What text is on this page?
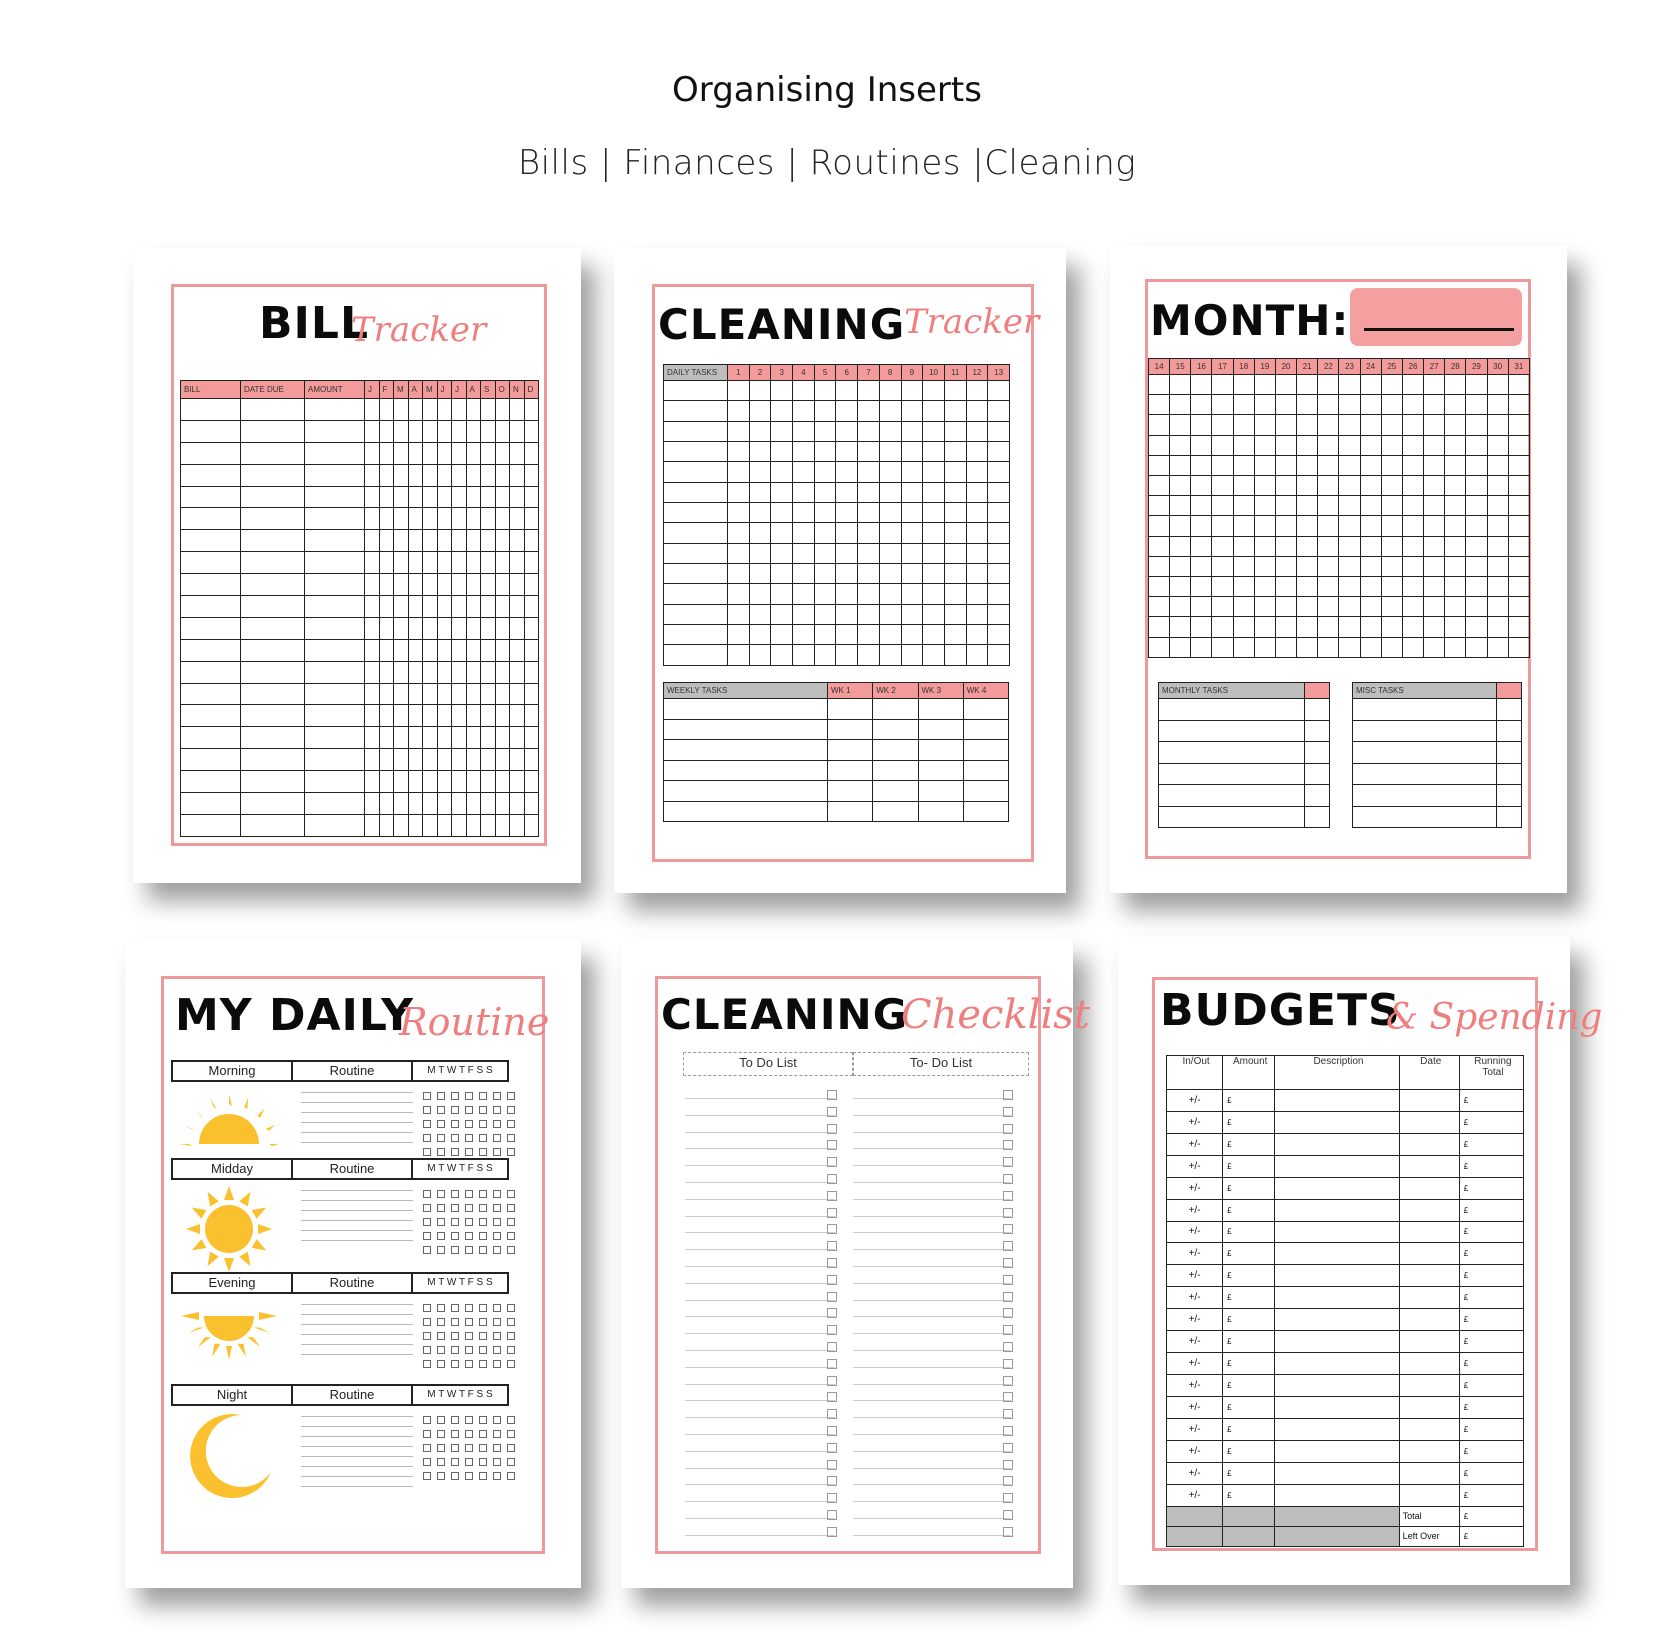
Organising Inserts
Bills | Finances | Routines |Cleaning
BILL
Tracker
BILL	DATE DUE	AMOUNT	J	F	M	A	M	J	J	A	S	O	N	D

CLEANING
Tracker
DAILY TASKS	1	2	3	4	5	6	7	8	9	10	11	12	13

WEEKLY TASKS	WK 1	WK 2	WK 3	WK 4

MONTH:
14	15	16	17	18	19	20	21	22	23	24	25	26	27	28	29	30	31

MONTHLY TASKS	

		MISC TASKS	

MY DAILY
Routine
Morning	Routine	M T W T F S S
Midday	Routine	M T W T F S S
Evening	Routine	M T W T F S S
Night	Routine	M T W T F S S
CLEANING
Checklist
To Do List	To- Do List
BUDGETS
& Spending
In/Out	Amount	Description	Date	Running Total
+/-	£			£
+/-	£			£
+/-	£			£
+/-	£			£
+/-	£			£
+/-	£			£
+/-	£			£
+/-	£			£
+/-	£			£
+/-	£			£
+/-	£			£
+/-	£			£
+/-	£			£
+/-	£			£
+/-	£			£
+/-	£			£
+/-	£			£
+/-	£			£
+/-	£			£
			Total	£
			Left Over	£
